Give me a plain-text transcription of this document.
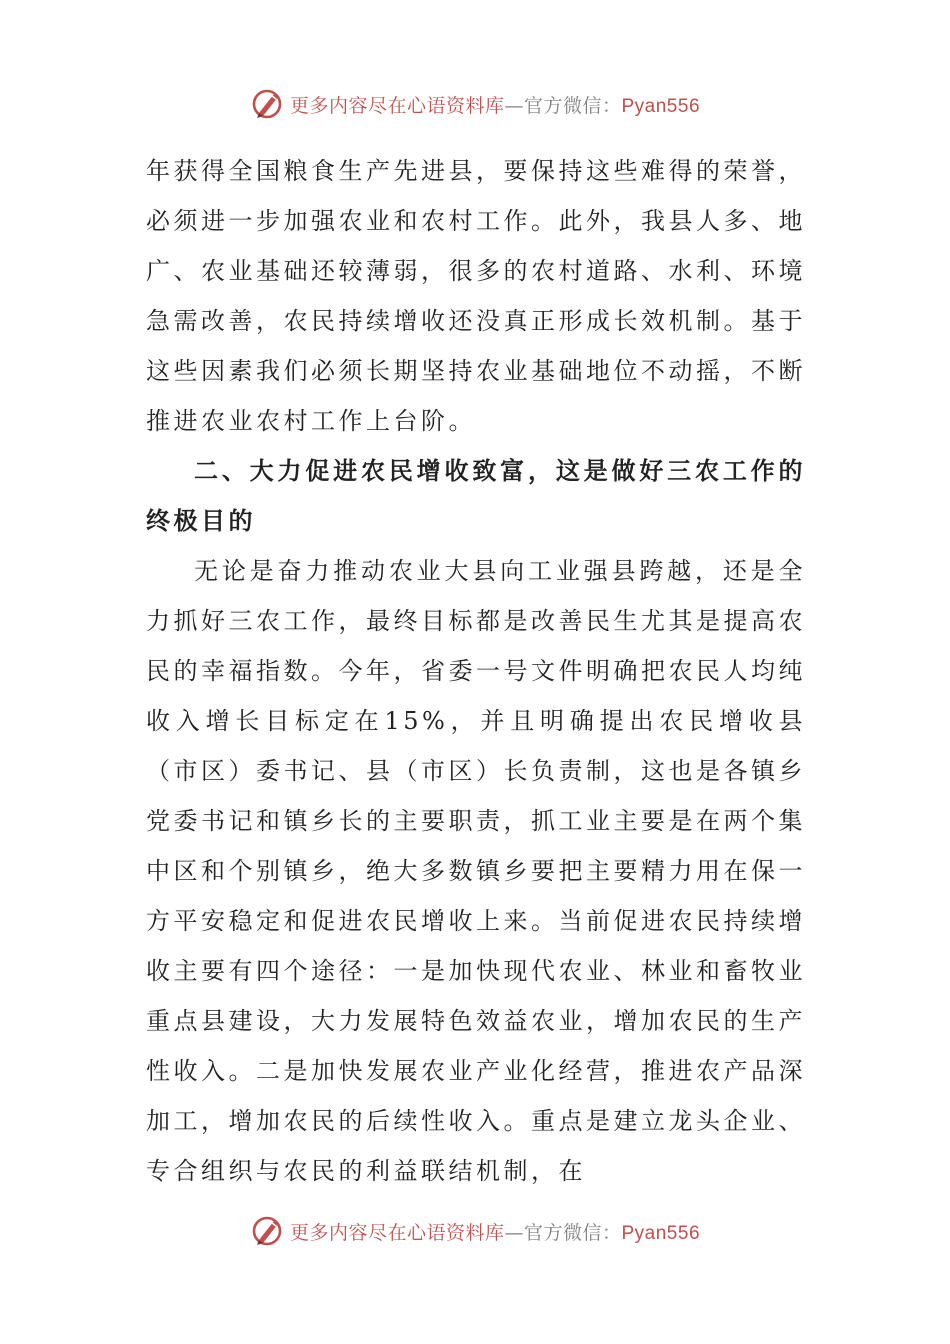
更多内容尽在心语资料库—官方微信：Pyan556

年获得全国粮食生产先进县，要保持这些难得的荣誉，必须进一步加强农业和农村工作。此外，我县人多、地广、农业基础还较薄弱，很多的农村道路、水利、环境急需改善，农民持续增收还没真正形成长效机制。基于这些因素我们必须长期坚持农业基础地位不动摇，不断推进农业农村工作上台阶。

二、大力促进农民增收致富，这是做好三农工作的终极目的

无论是奋力推动农业大县向工业强县跨越，还是全力抓好三农工作，最终目标都是改善民生尤其是提高农民的幸福指数。今年，省委一号文件明确把农民人均纯收入增长目标定在15%，并且明确提出农民增收县（市区）委书记、县（市区）长负责制，这也是各镇乡党委书记和镇乡长的主要职责，抓工业主要是在两个集中区和个别镇乡，绝大多数镇乡要把主要精力用在保一方平安稳定和促进农民增收上来。当前促进农民持续增收主要有四个途径：一是加快现代农业、林业和畜牧业重点县建设，大力发展特色效益农业，增加农民的生产性收入。二是加快发展农业产业化经营，推进农产品深加工，增加农民的后续性收入。重点是建立龙头企业、专合组织与农民的利益联结机制，在

更多内容尽在心语资料库—官方微信：Pyan556
